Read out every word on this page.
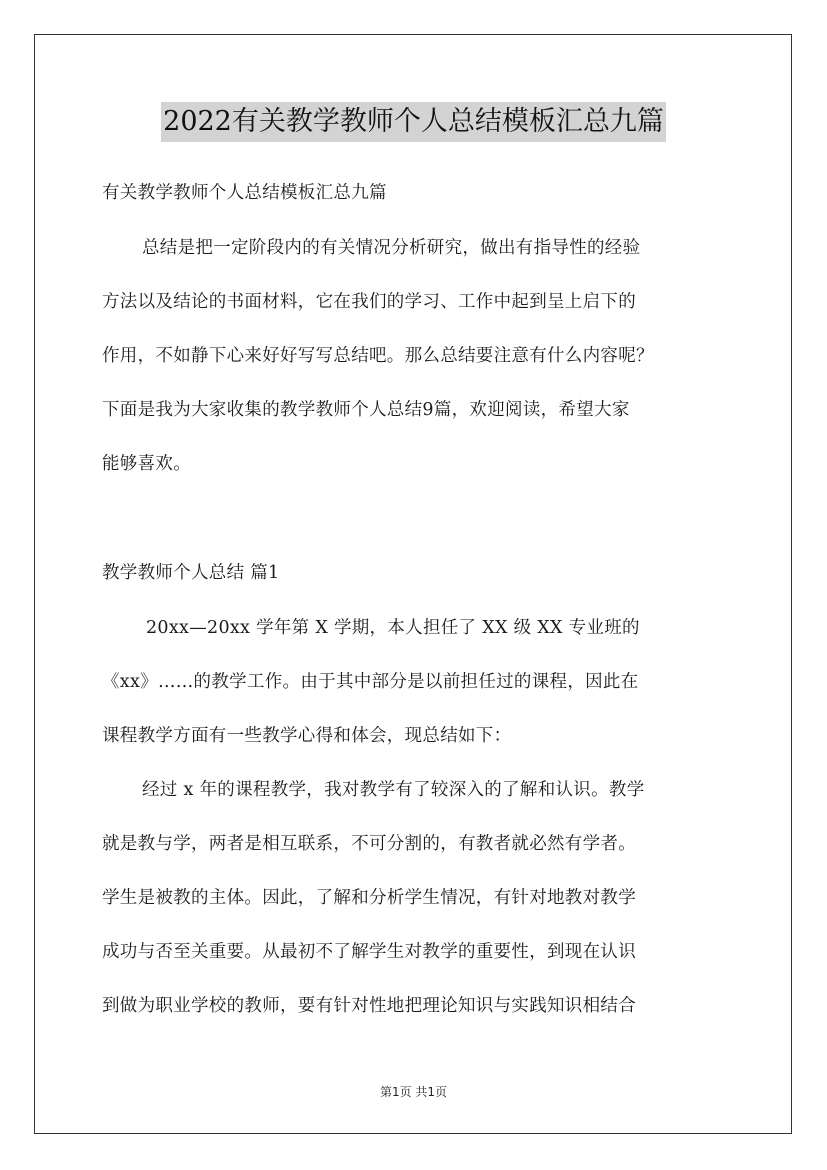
2022有关教学教师个人总结模板汇总九篇
有关教学教师个人总结模板汇总九篇
总结是把一定阶段内的有关情况分析研究，做出有指导性的经验
方法以及结论的书面材料，它在我们的学习、工作中起到呈上启下的
作用，不如静下心来好好写写总结吧。那么总结要注意有什么内容呢？
下面是我为大家收集的教学教师个人总结9篇，欢迎阅读，希望大家
能够喜欢。
教学教师个人总结 篇1
20xx—20xx 学年第 X 学期，本人担任了 XX 级 XX 专业班的
《xx》……的教学工作。由于其中部分是以前担任过的课程，因此在
课程教学方面有一些教学心得和体会，现总结如下：
经过 x 年的课程教学，我对教学有了较深入的了解和认识。教学
就是教与学，两者是相互联系，不可分割的，有教者就必然有学者。
学生是被教的主体。因此，了解和分析学生情况，有针对地教对教学
成功与否至关重要。从最初不了解学生对教学的重要性，到现在认识
到做为职业学校的教师，要有针对性地把理论知识与实践知识相结合
第1页 共1页
